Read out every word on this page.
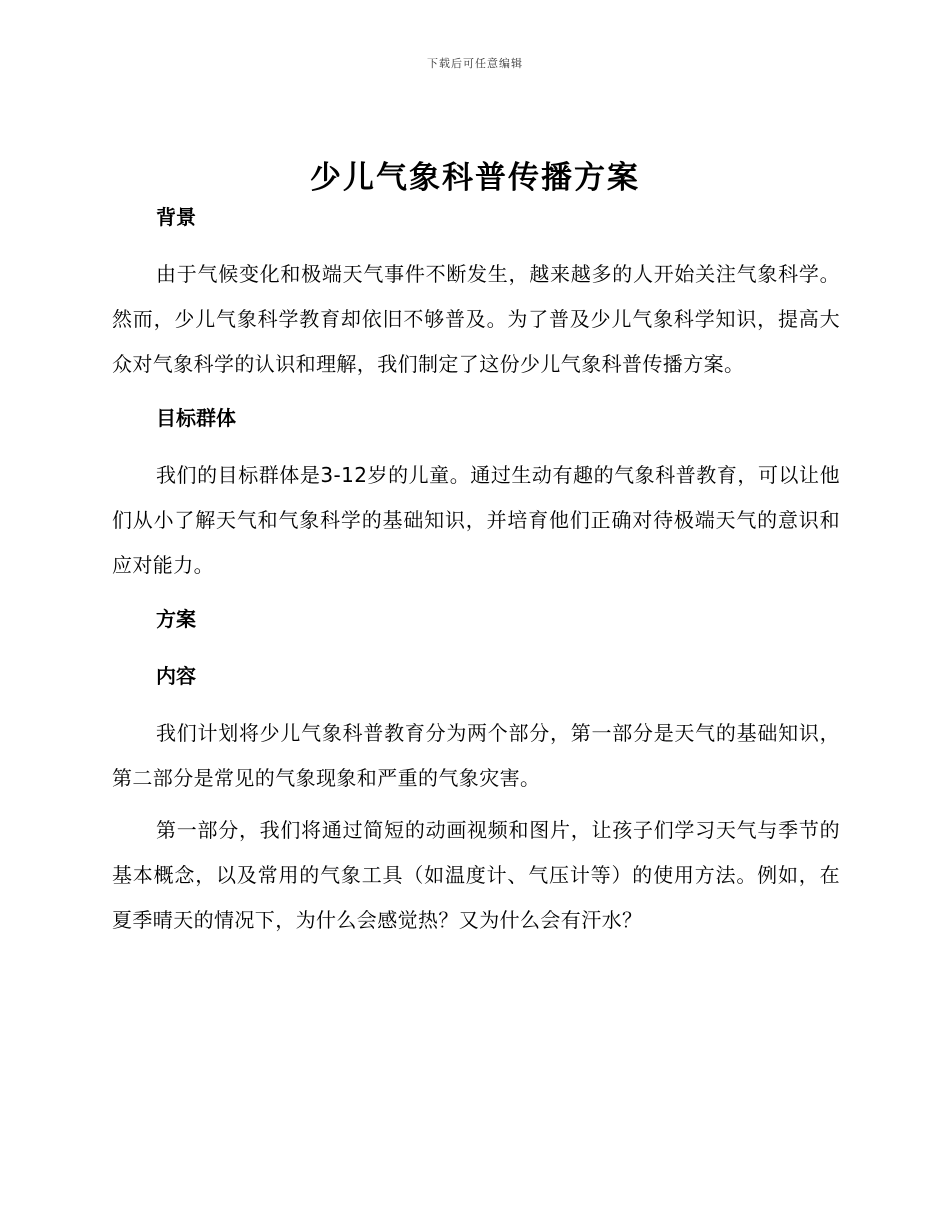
下载后可任意编辑
少儿气象科普传播方案
背景

由于气候变化和极端天气事件不断发生，越来越多的人开始关注气象科学。然而，少儿气象科学教育却依旧不够普及。为了普及少儿气象科学知识，提高大众对气象科学的认识和理解，我们制定了这份少儿气象科普传播方案。

目标群体

我们的目标群体是3-12岁的儿童。通过生动有趣的气象科普教育，可以让他们从小了解天气和气象科学的基础知识，并培育他们正确对待极端天气的意识和应对能力。

方案
内容

我们计划将少儿气象科普教育分为两个部分，第一部分是天气的基础知识，第二部分是常见的气象现象和严重的气象灾害。

第一部分，我们将通过简短的动画视频和图片，让孩子们学习天气与季节的基本概念，以及常用的气象工具（如温度计、气压计等）的使用方法。例如，在夏季晴天的情况下，为什么会感觉热？又为什么会有汗水？
